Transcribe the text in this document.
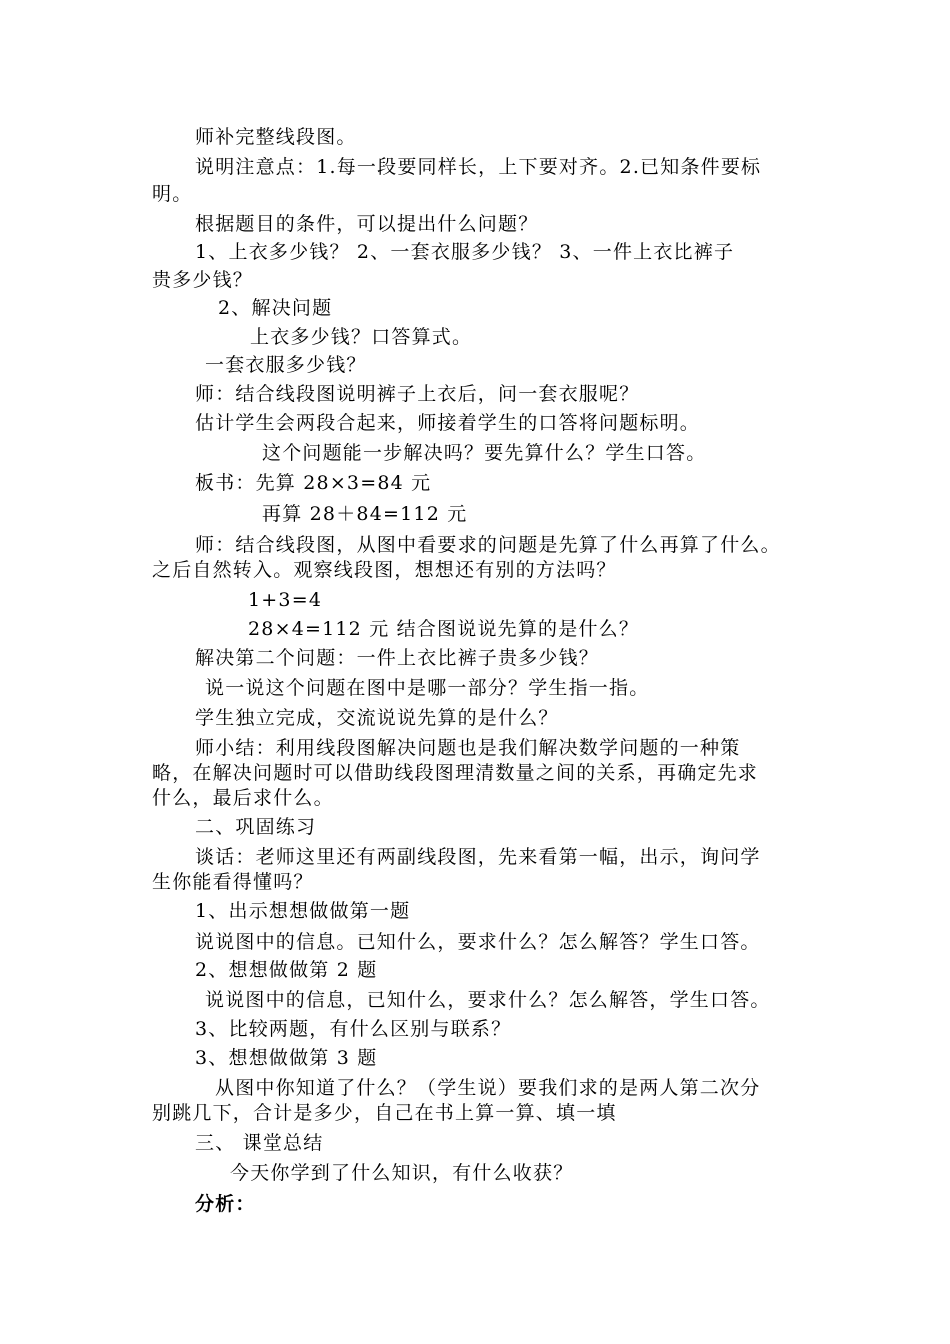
师补完整线段图。
说明注意点：1.每一段要同样长，上下要对齐。2.已知条件要标
明。
根据题目的条件，可以提出什么问题？
1、上衣多少钱？ 2、一套衣服多少钱？ 3、一件上衣比裤子
贵多少钱？
2、解决问题
上衣多少钱？口答算式。
一套衣服多少钱？
师：结合线段图说明裤子上衣后，问一套衣服呢？
估计学生会两段合起来，师接着学生的口答将问题标明。
这个问题能一步解决吗？要先算什么？学生口答。
板书：先算 28×3=84 元
再算 28＋84=112 元
师：结合线段图，从图中看要求的问题是先算了什么再算了什么。
之后自然转入。观察线段图，想想还有别的方法吗？
1+3=4
28×4=112 元 结合图说说先算的是什么？
解决第二个问题：一件上衣比裤子贵多少钱？
说一说这个问题在图中是哪一部分？学生指一指。
学生独立完成，交流说说先算的是什么？
师小结：利用线段图解决问题也是我们解决数学问题的一种策
略，在解决问题时可以借助线段图理清数量之间的关系，再确定先求
什么，最后求什么。
二、巩固练习
谈话：老师这里还有两副线段图，先来看第一幅，出示，询问学
生你能看得懂吗？
1、出示想想做做第一题
说说图中的信息。已知什么，要求什么？怎么解答？学生口答。
2、想想做做第 2 题
说说图中的信息，已知什么，要求什么？怎么解答，学生口答。
3、比较两题，有什么区别与联系？
3、想想做做第 3 题
从图中你知道了什么？（学生说）要我们求的是两人第二次分
别跳几下，合计是多少，自己在书上算一算、填一填
三、 课堂总结
今天你学到了什么知识，有什么收获？
分析：
